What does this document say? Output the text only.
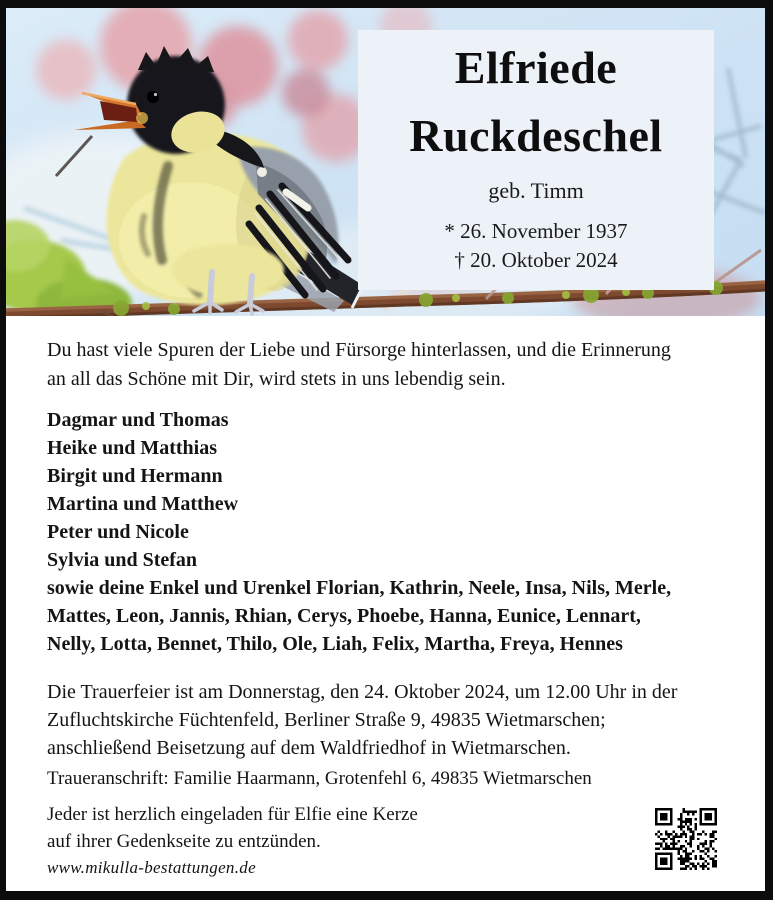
Elfriede
Ruckdeschel
geb. Timm
* 26. November 1937
† 20. Oktober 2024
Du hast viele Spuren der Liebe und Fürsorge hinterlassen, und die Erinnerung
an all das Schöne mit Dir, wird stets in uns lebendig sein.
Dagmar und Thomas
Heike und Matthias
Birgit und Hermann
Martina und Matthew
Peter und Nicole
Sylvia und Stefan
sowie deine Enkel und Urenkel Florian, Kathrin, Neele, Insa, Nils, Merle,
Mattes, Leon, Jannis, Rhian, Cerys, Phoebe, Hanna, Eunice, Lennart,
Nelly, Lotta, Bennet, Thilo, Ole, Liah, Felix, Martha, Freya, Hennes
Die Trauerfeier ist am Donnerstag, den 24. Oktober 2024, um 12.00 Uhr in der
Zufluchtskirche Füchtenfeld, Berliner Straße 9, 49835 Wietmarschen;
anschließend Beisetzung auf dem Waldfriedhof in Wietmarschen.
Traueranschrift: Familie Haarmann, Grotenfehl 6, 49835 Wietmarschen
Jeder ist herzlich eingeladen für Elfie eine Kerze
auf ihrer Gedenkseite zu entzünden.
www.mikulla-bestattungen.de
